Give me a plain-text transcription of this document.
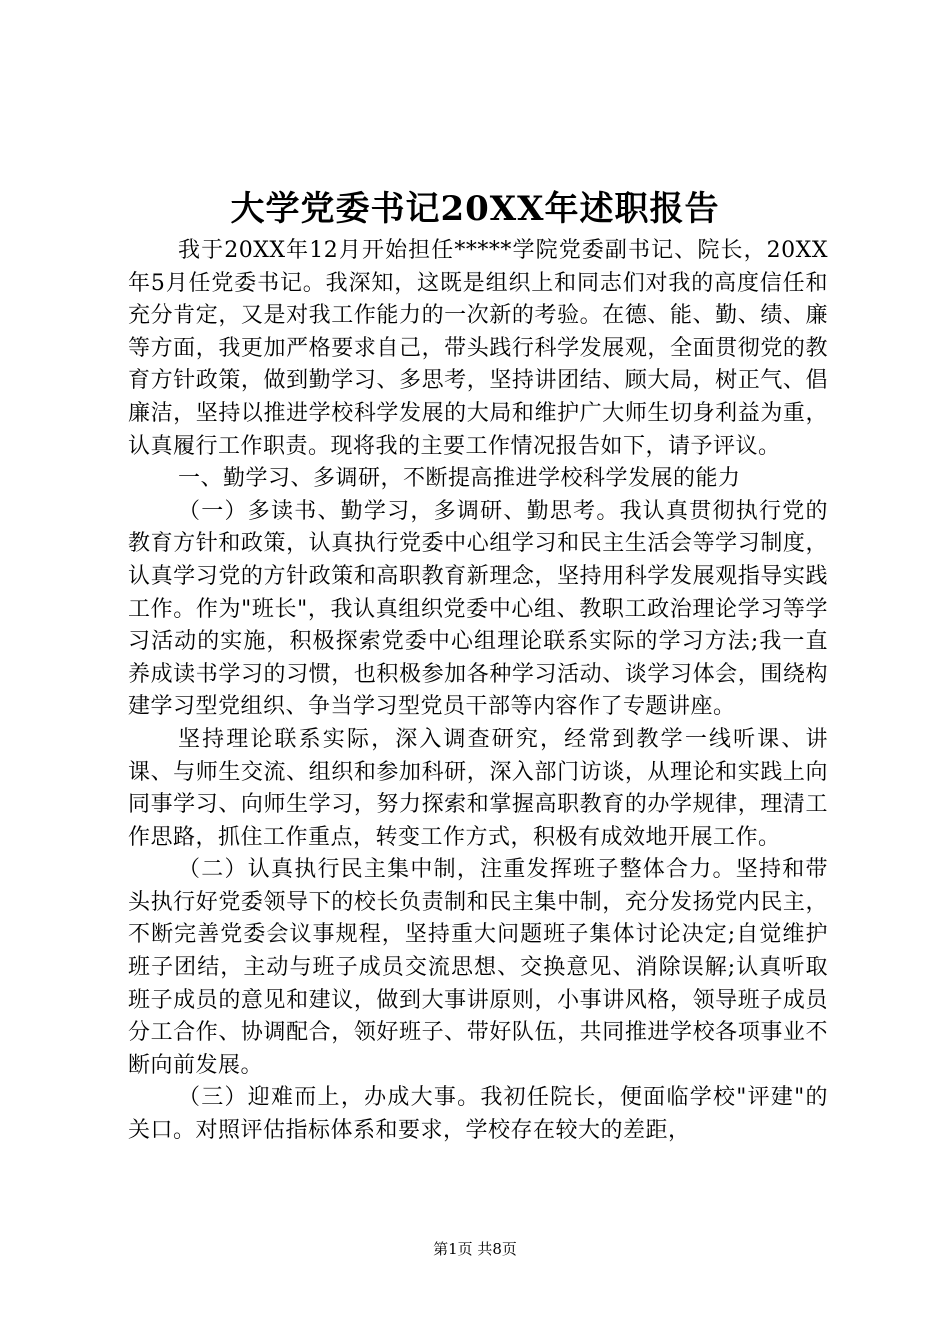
大学党委书记20XX年述职报告

我于20XX年12月开始担任*****学院党委副书记、院长，20XX年5月任党委书记。我深知，这既是组织上和同志们对我的高度信任和充分肯定，又是对我工作能力的一次新的考验。在德、能、勤、绩、廉等方面，我更加严格要求自己，带头践行科学发展观，全面贯彻党的教育方针政策，做到勤学习、多思考，坚持讲团结、顾大局，树正气、倡廉洁，坚持以推进学校科学发展的大局和维护广大师生切身利益为重，认真履行工作职责。现将我的主要工作情况报告如下，请予评议。

一、勤学习、多调研，不断提高推进学校科学发展的能力

（一）多读书、勤学习，多调研、勤思考。我认真贯彻执行党的教育方针和政策，认真执行党委中心组学习和民主生活会等学习制度，认真学习党的方针政策和高职教育新理念，坚持用科学发展观指导实践工作。作为"班长"，我认真组织党委中心组、教职工政治理论学习等学习活动的实施，积极探索党委中心组理论联系实际的学习方法;我一直养成读书学习的习惯，也积极参加各种学习活动、谈学习体会，围绕构建学习型党组织、争当学习型党员干部等内容作了专题讲座。

坚持理论联系实际，深入调查研究，经常到教学一线听课、讲课、与师生交流、组织和参加科研，深入部门访谈，从理论和实践上向同事学习、向师生学习，努力探索和掌握高职教育的办学规律，理清工作思路，抓住工作重点，转变工作方式，积极有成效地开展工作。

（二）认真执行民主集中制，注重发挥班子整体合力。坚持和带头执行好党委领导下的校长负责制和民主集中制，充分发扬党内民主，不断完善党委会议事规程，坚持重大问题班子集体讨论决定;自觉维护班子团结，主动与班子成员交流思想、交换意见、消除误解;认真听取班子成员的意见和建议，做到大事讲原则，小事讲风格，领导班子成员分工合作、协调配合，领好班子、带好队伍，共同推进学校各项事业不断向前发展。

（三）迎难而上，办成大事。我初任院长，便面临学校"评建"的关口。对照评估指标体系和要求，学校存在较大的差距，

第1页 共8页
